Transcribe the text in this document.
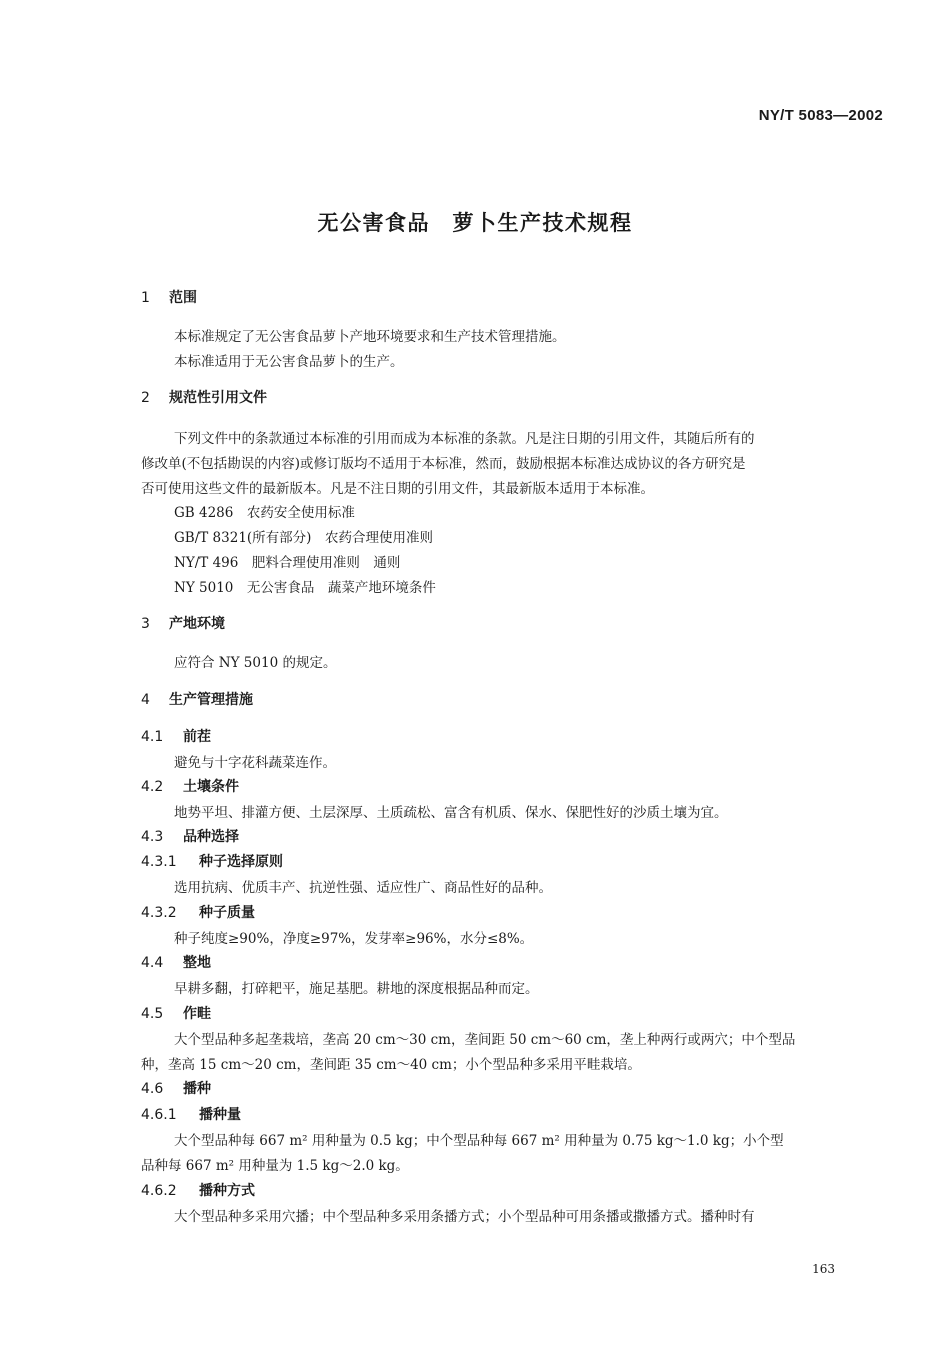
NY/T 5083—2002
无公害食品　萝卜生产技术规程
1 范围
本标准规定了无公害食品萝卜产地环境要求和生产技术管理措施。
本标准适用于无公害食品萝卜的生产。
2 规范性引用文件
下列文件中的条款通过本标准的引用而成为本标准的条款。凡是注日期的引用文件，其随后所有的
修改单(不包括勘误的内容)或修订版均不适用于本标准，然而，鼓励根据本标准达成协议的各方研究是
否可使用这些文件的最新版本。凡是不注日期的引用文件，其最新版本适用于本标准。
GB 4286　农药安全使用标准
GB/T 8321(所有部分)　农药合理使用准则
NY/T 496　肥料合理使用准则　通则
NY 5010　无公害食品　蔬菜产地环境条件
3 产地环境
应符合 NY 5010 的规定。
4 生产管理措施
4.1 前茬
避免与十字花科蔬菜连作。
4.2 土壤条件
地势平坦、排灌方便、土层深厚、土质疏松、富含有机质、保水、保肥性好的沙质土壤为宜。
4.3 品种选择
4.3.1 种子选择原则
选用抗病、优质丰产、抗逆性强、适应性广、商品性好的品种。
4.3.2 种子质量
种子纯度≥90%，净度≥97%，发芽率≥96%，水分≤8%。
4.4 整地
早耕多翻，打碎耙平，施足基肥。耕地的深度根据品种而定。
4.5 作畦
大个型品种多起垄栽培，垄高 20 cm～30 cm，垄间距 50 cm～60 cm，垄上种两行或两穴；中个型品
种，垄高 15 cm～20 cm，垄间距 35 cm～40 cm；小个型品种多采用平畦栽培。
4.6 播种
4.6.1 播种量
大个型品种每 667 m² 用种量为 0.5 kg；中个型品种每 667 m² 用种量为 0.75 kg～1.0 kg；小个型
品种每 667 m² 用种量为 1.5 kg～2.0 kg。
4.6.2 播种方式
大个型品种多采用穴播；中个型品种多采用条播方式；小个型品种可用条播或撒播方式。播种时有
163
